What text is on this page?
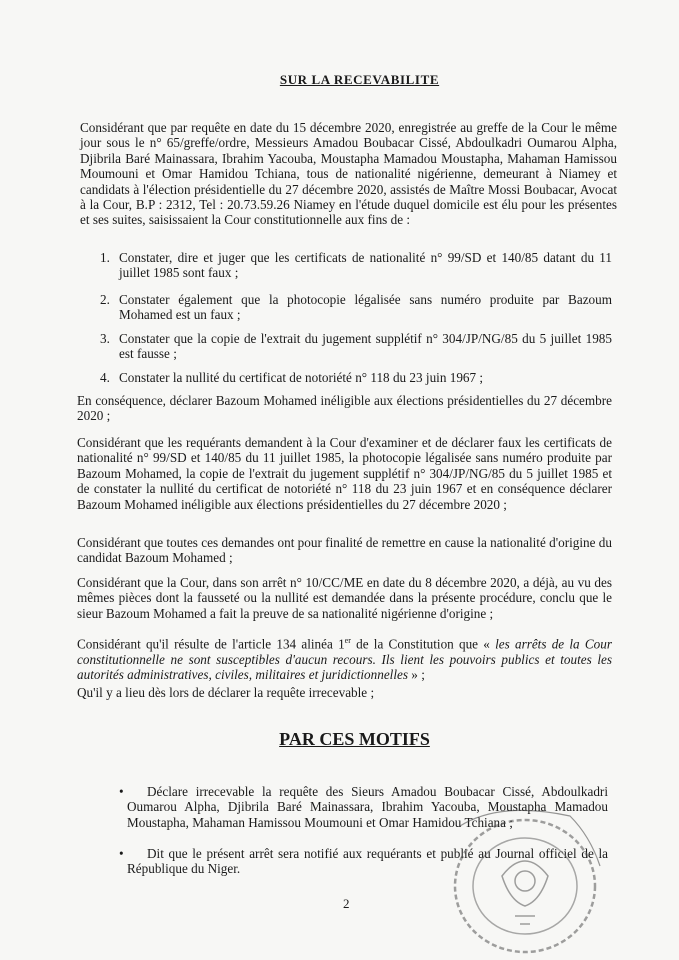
SUR LA RECEVABILITE
Considérant que par requête en date du 15 décembre 2020, enregistrée au greffe de la Cour le même jour sous le n° 65/greffe/ordre, Messieurs Amadou Boubacar Cissé, Abdoulkadri Oumarou Alpha, Djibrila Baré Mainassara, Ibrahim Yacouba, Moustapha Mamadou Moustapha, Mahaman Hamissou Moumouni et Omar Hamidou Tchiana, tous de nationalité nigérienne, demeurant à Niamey et candidats à l'élection présidentielle du 27 décembre 2020, assistés de Maître Mossi Boubacar, Avocat à la Cour, B.P : 2312, Tel : 20.73.59.26 Niamey en l'étude duquel domicile est élu pour les présentes et ses suites, saisissaient la Cour constitutionnelle aux fins de :
1. Constater, dire et juger que les certificats de nationalité n° 99/SD et 140/85 datant du 11 juillet 1985 sont faux ;
2. Constater également que la photocopie légalisée sans numéro produite par Bazoum Mohamed est un faux ;
3. Constater que la copie de l'extrait du jugement supplétif n° 304/JP/NG/85 du 5 juillet 1985 est fausse ;
4. Constater la nullité du certificat de notoriété n° 118 du 23 juin 1967 ;
En conséquence, déclarer Bazoum Mohamed inéligible aux élections présidentielles du 27 décembre 2020 ;
Considérant que les requérants demandent à la Cour d'examiner et de déclarer faux les certificats de nationalité n° 99/SD et 140/85 du 11 juillet 1985, la photocopie légalisée sans numéro produite par Bazoum Mohamed, la copie de l'extrait du jugement supplétif n° 304/JP/NG/85 du 5 juillet 1985 et de constater la nullité du certificat de notoriété n° 118 du 23 juin 1967 et en conséquence déclarer Bazoum Mohamed inéligible aux élections présidentielles du 27 décembre 2020 ;
Considérant que toutes ces demandes ont pour finalité de remettre en cause la nationalité d'origine du candidat Bazoum Mohamed ;
Considérant que la Cour, dans son arrêt n° 10/CC/ME en date du 8 décembre 2020, a déjà, au vu des mêmes pièces dont la fausseté ou la nullité est demandée dans la présente procédure, conclu que le sieur Bazoum Mohamed a fait la preuve de sa nationalité nigérienne d'origine ;
Considérant qu'il résulte de l'article 134 alinéa 1er de la Constitution que « les arrêts de la Cour constitutionnelle ne sont susceptibles d'aucun recours. Ils lient les pouvoirs publics et toutes les autorités administratives, civiles, militaires et juridictionnelles » ;
Qu'il y a lieu dès lors de déclarer la requête irrecevable ;
PAR CES MOTIFS
•	Déclare irrecevable la requête des Sieurs Amadou Boubacar Cissé, Abdoulkadri Oumarou Alpha, Djibrila Baré Mainassara, Ibrahim Yacouba, Moustapha Mamadou Moustapha, Mahaman Hamissou Moumouni et Omar Hamidou Tchiana ;
•	Dit que le présent arrêt sera notifié aux requérants et publié au Journal officiel de la République du Niger.
2
